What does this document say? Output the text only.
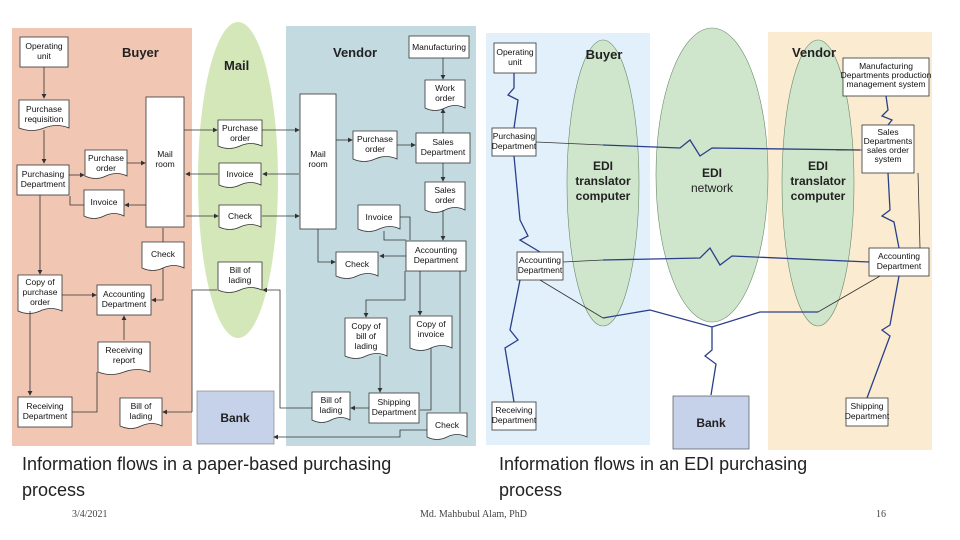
Buyer
Mail
Vendor
Bank
Operating unit
Purchase requisition
Purchasing Department
Purchase order
Invoice
Mail room
Check
Copy of purchase order
Accounting Department
Receiving report
Receiving Department
Bill of lading
Purchase order
Invoice
Check
Bill of lading
Manufacturing
Work order
Mail room
Purchase order
Sales Department
Sales order
Invoice
Check
Accounting Department
Copy of bill of lading
Copy of invoice
Bill of lading
Shipping Department
Check
Buyer	Vendor
Bank
EDI translator computer
EDI network
EDI translator computer
Operating unit
Purchasing Department
Accounting Department
Receiving Department
Manufacturing Departments production management system
Sales Departments sales order system
Accounting Department
Shipping Department
Information flows in a paper-based purchasing
process
Information flows in an EDI purchasing
process
3/4/2021	Md. Mahbubul Alam, PhD	16
